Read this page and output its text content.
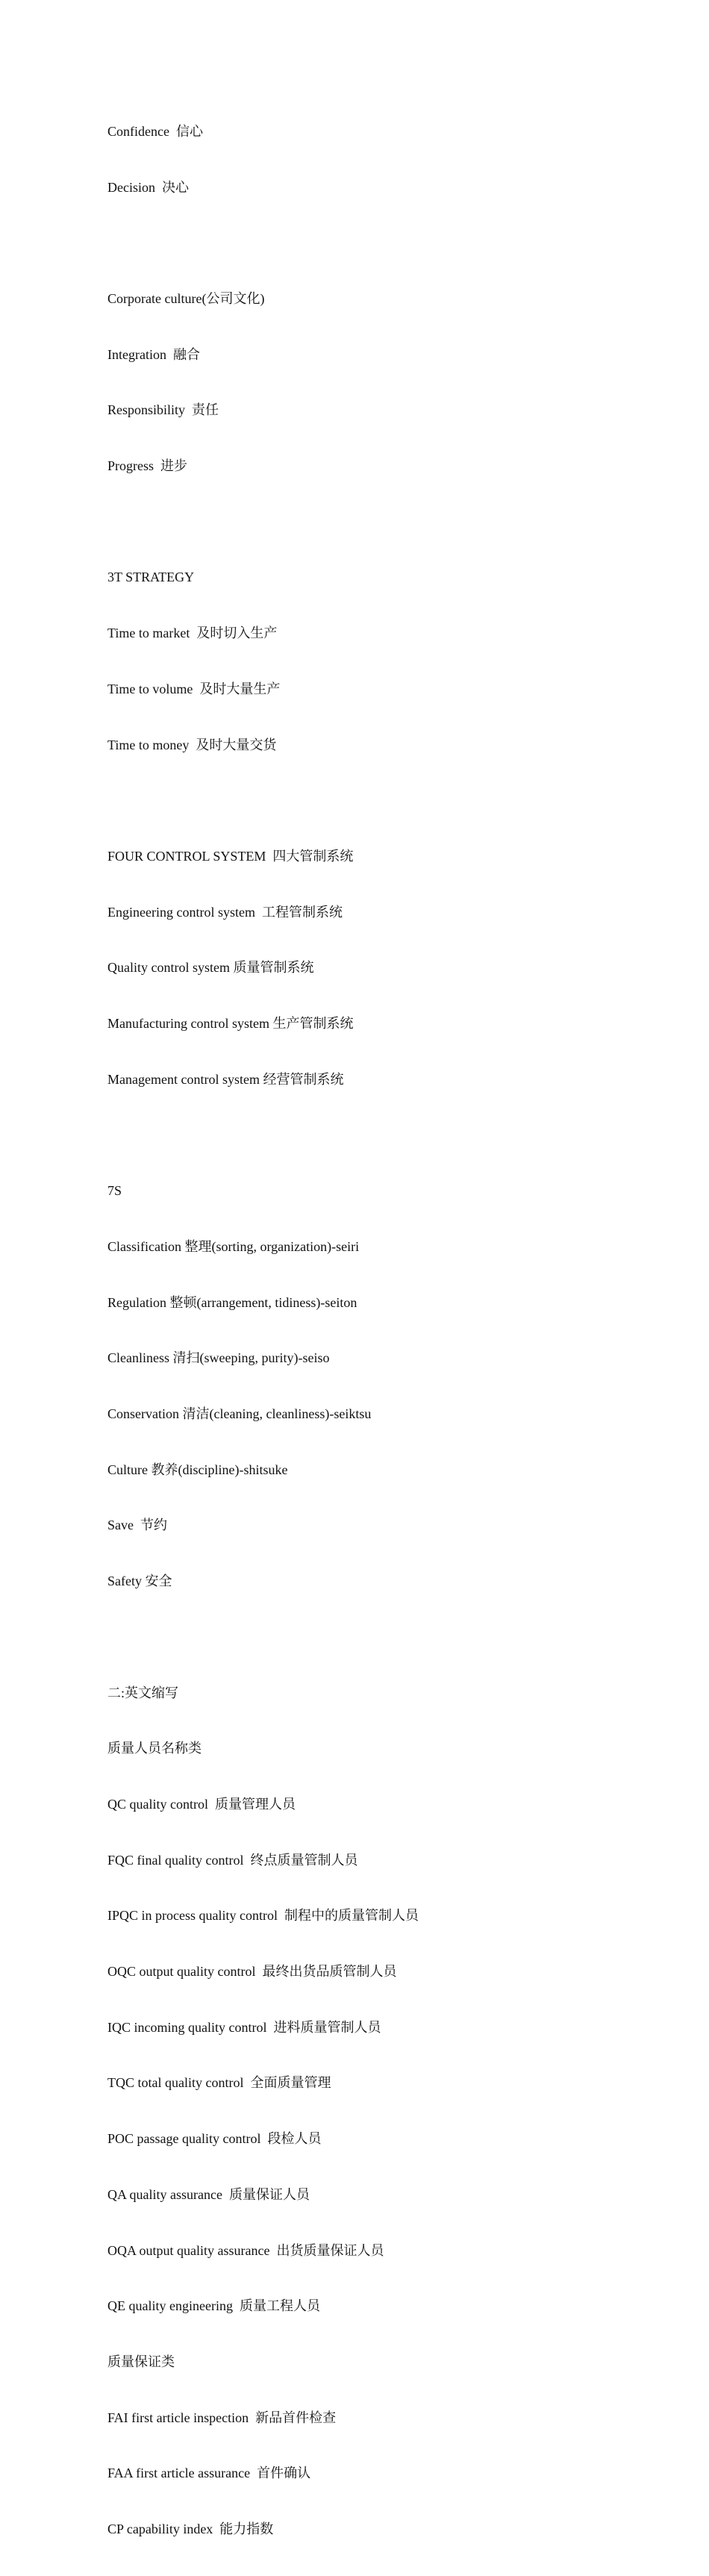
Confidence  信心

Decision  决心

Corporate culture(公司文化)

Integration  融合

Responsibility  责任

Progress  进步

3T STRATEGY

Time to market  及时切入生产

Time to volume  及时大量生产

Time to money  及时大量交货

FOUR CONTROL SYSTEM  四大管制系统

Engineering control system  工程管制系统

Quality control system 质量管制系统

Manufacturing control system 生产管制系统

Management control system 经营管制系统

7S

Classification 整理(sorting, organization)-seiri

Regulation 整顿(arrangement, tidiness)-seiton

Cleanliness 清扫(sweeping, purity)-seiso

Conservation 清洁(cleaning, cleanliness)-seiktsu

Culture 教养(discipline)-shitsuke

Save  节约

Safety 安全

二:英文缩写

质量人员名称类

QC quality control  质量管理人员

FQC final quality control  终点质量管制人员

IPQC in process quality control  制程中的质量管制人员

OQC output quality control  最终出货品质管制人员

IQC incoming quality control  进料质量管制人员

TQC total quality control  全面质量管理

POC passage quality control  段检人员

QA quality assurance  质量保证人员

OQA output quality assurance  出货质量保证人员

QE quality engineering  质量工程人员

质量保证类

FAI first article inspection  新品首件检查

FAA first article assurance  首件确认

CP capability index  能力指数
